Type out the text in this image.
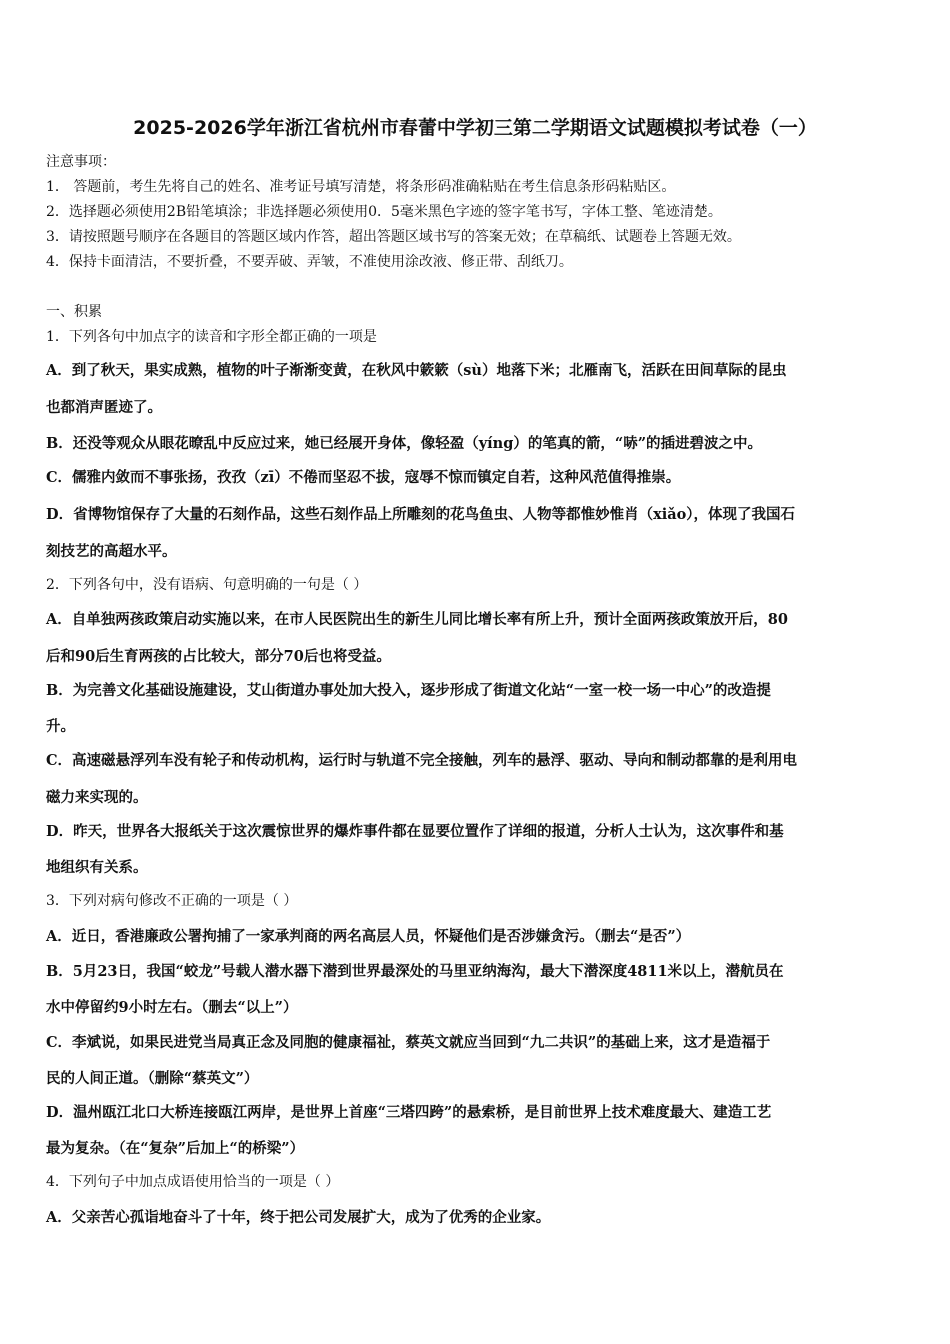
2025-2026学年浙江省杭州市春蕾中学初三第二学期语文试题模拟考试卷（一）
注意事项：
1． 答题前，考生先将自己的姓名、准考证号填写清楚，将条形码准确粘贴在考生信息条形码粘贴区。
2．选择题必须使用2B铅笔填涂；非选择题必须使用0．5毫米黑色字迹的签字笔书写，字体工整、笔迹清楚。
3．请按照题号顺序在各题目的答题区域内作答，超出答题区域书写的答案无效；在草稿纸、试题卷上答题无效。
4．保持卡面清洁，不要折叠，不要弄破、弄皱，不准使用涂改液、修正带、刮纸刀。
一、积累
1．下列各句中加点字的读音和字形全都正确的一项是
A．到了秋天，果实成熟，植物的叶子渐渐变黄，在秋风中簌簌（sù）地落下米；北雁南飞，活跃在田间草际的昆虫
也都消声匿迹了。
B．还没等观众从眼花暸乱中反应过来，她已经展开身体，像轻盈（yíng）的笔真的箭，“哧”的插进碧波之中。
C．儒雅内敛而不事张扬，孜孜（zī）不倦而坚忍不拔，寇辱不惊而镇定自若，这种风范值得推崇。
D．省博物馆保存了大量的石刻作品，这些石刻作品上所雕刻的花鸟鱼虫、人物等都惟妙惟肖（xiǎo），体现了我国石
刻技艺的高超水平。
2．下列各句中，没有语病、句意明确的一句是（ ）
A．自单独两孩政策启动实施以来，在市人民医院出生的新生儿同比增长率有所上升，预计全面两孩政策放开后，80
后和90后生育两孩的占比较大，部分70后也将受益。
B．为完善文化基础设施建设，艾山街道办事处加大投入，逐步形成了街道文化站“一室一校一场一中心”的改造提
升。
C．高速磁悬浮列车没有轮子和传动机构，运行时与轨道不完全接触，列车的悬浮、驱动、导向和制动都靠的是利用电
磁力来实现的。
D．昨天，世界各大报纸关于这次震惊世界的爆炸事件都在显要位置作了详细的报道，分析人士认为，这次事件和基
地组织有关系。
3．下列对病句修改不正确的一项是（ ）
A．近日，香港廉政公署拘捕了一家承判商的两名高层人员，怀疑他们是否涉嫌贪污。（删去“是否”）
B．5月23日，我国“蛟龙”号载人潜水器下潜到世界最深处的马里亚纳海沟，最大下潜深度4811米以上，潜航员在
水中停留约9小时左右。（删去“以上”）
C．李斌说，如果民进党当局真正念及同胞的健康福祉，蔡英文就应当回到“九二共识”的基础上来，这才是造福于
民的人间正道。（删除“蔡英文”）
D．温州瓯江北口大桥连接瓯江两岸，是世界上首座“三塔四跨”的悬索桥，是目前世界上技术难度最大、建造工艺
最为复杂。（在“复杂”后加上“的桥梁”）
4．下列句子中加点成语使用恰当的一项是（ ）
A．父亲苦心孤诣地奋斗了十年，终于把公司发展扩大，成为了优秀的企业家。
